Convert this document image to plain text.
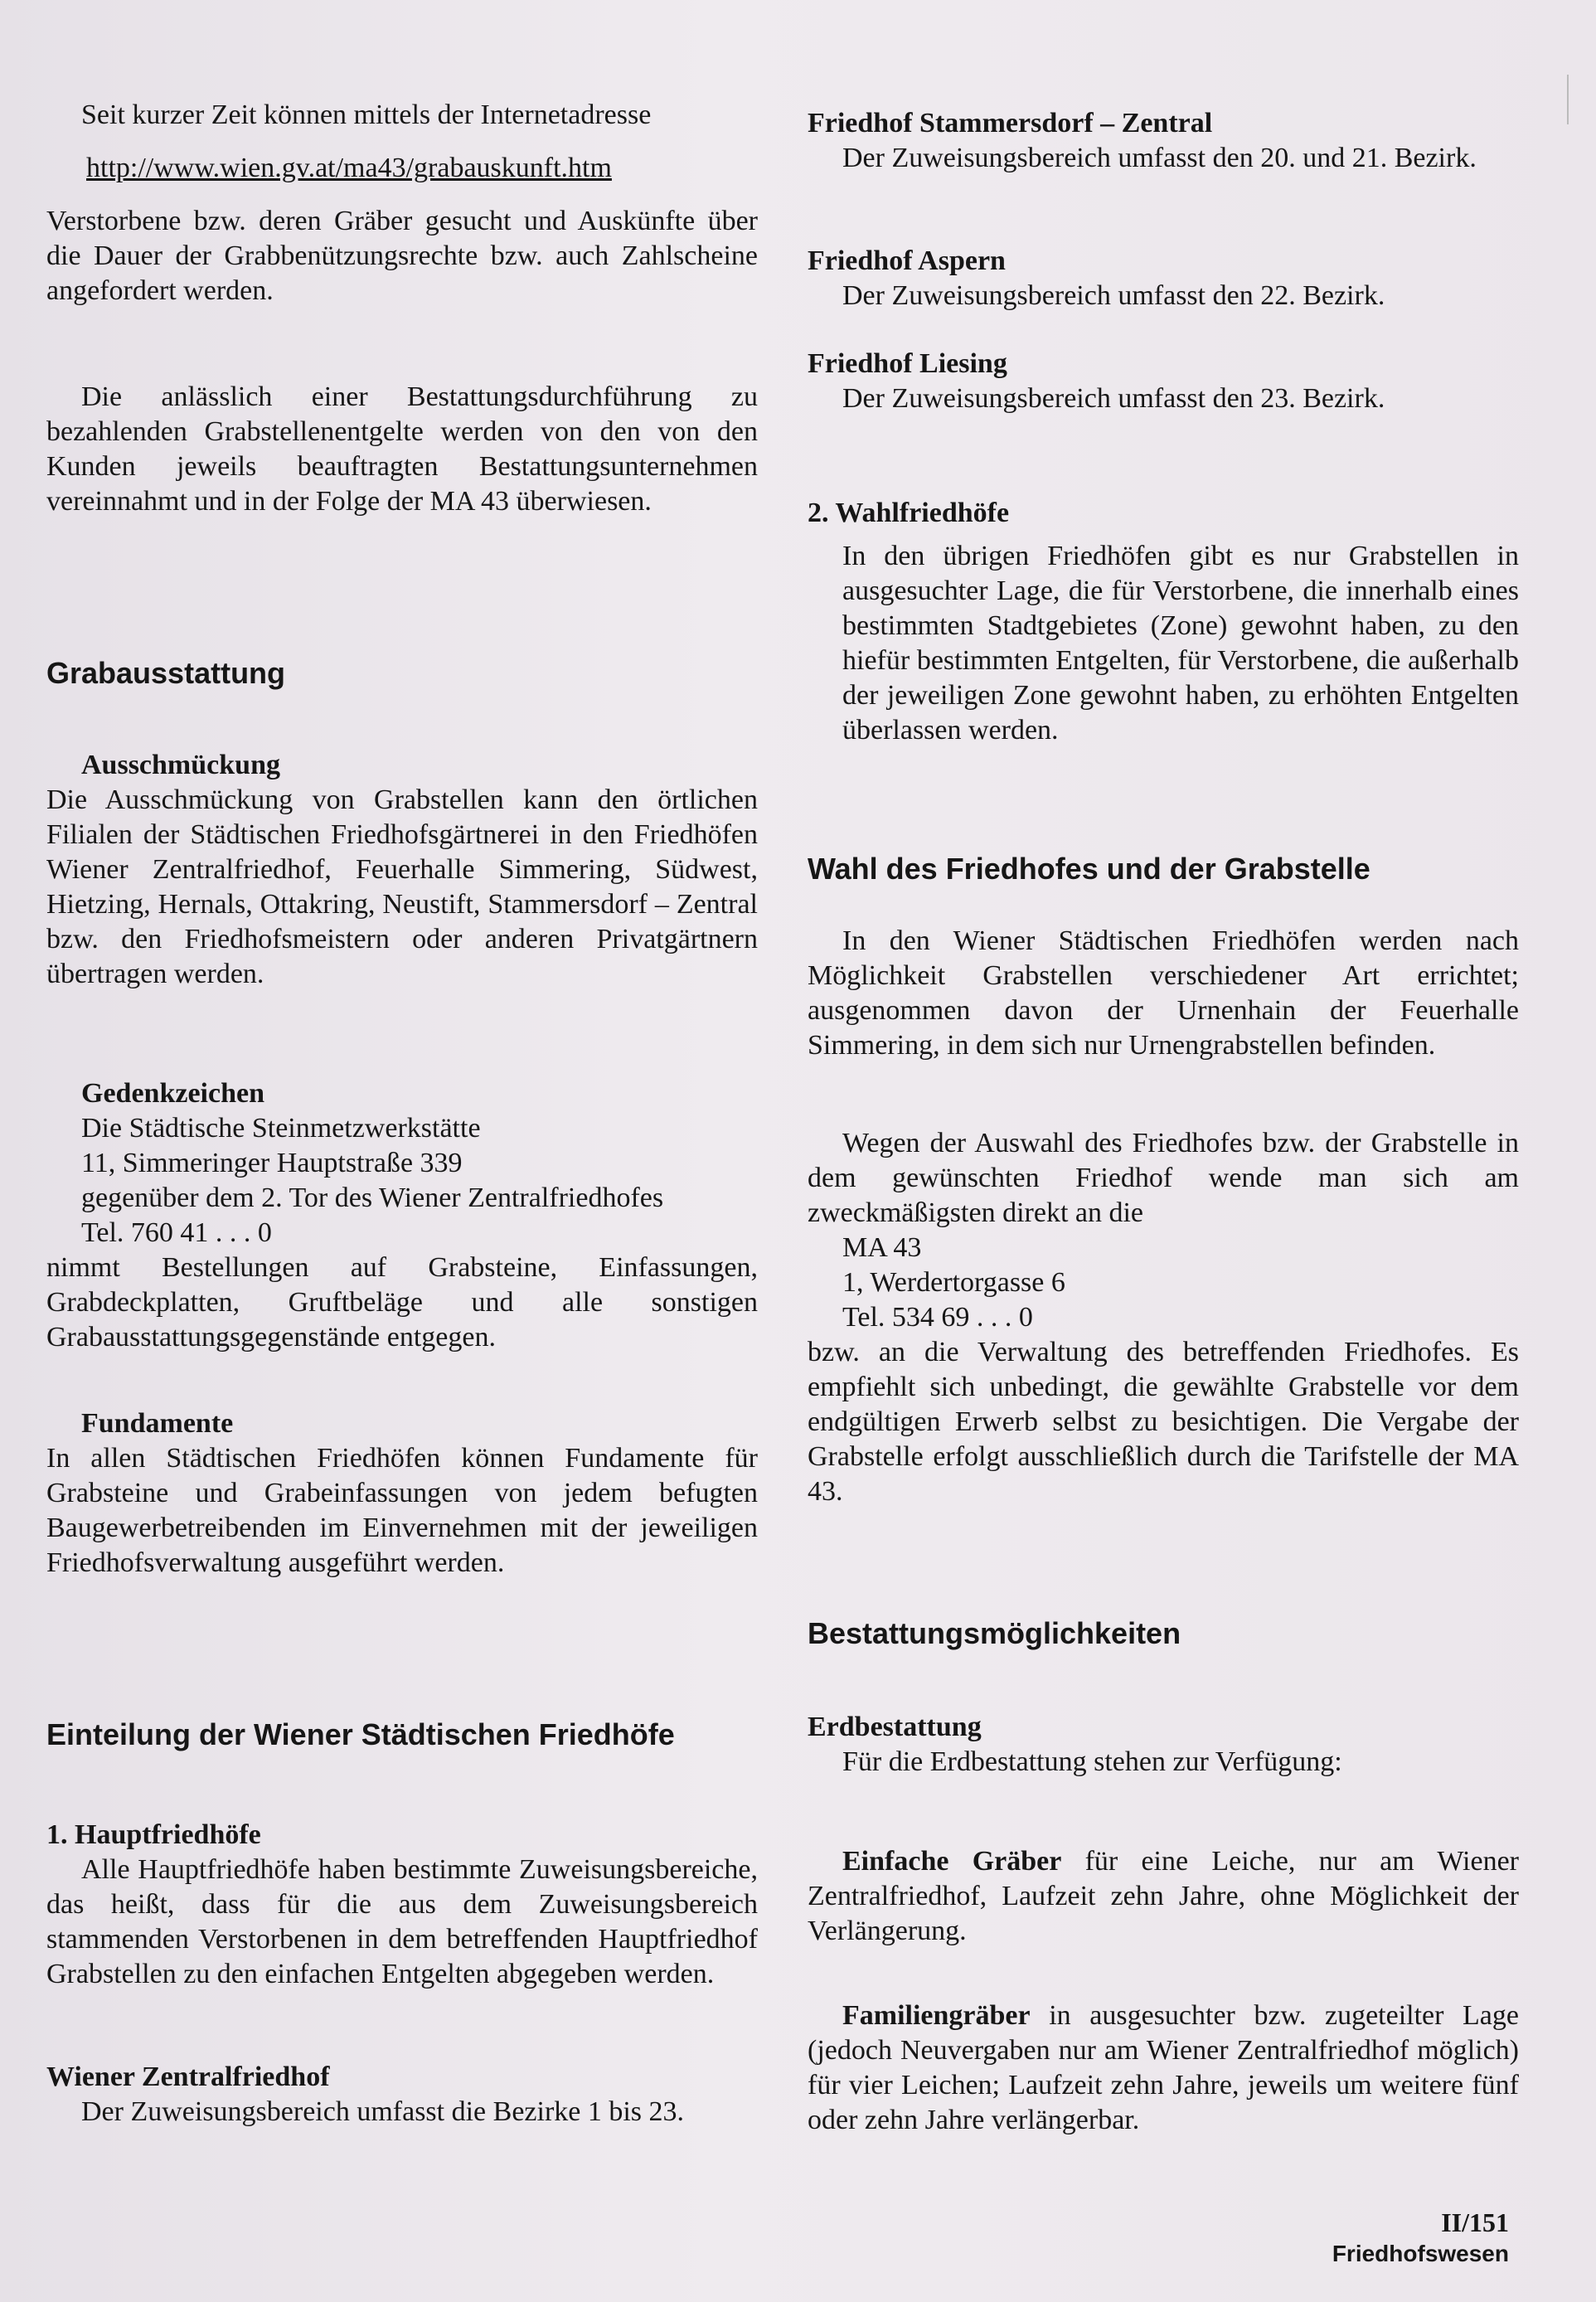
Seit kurzer Zeit können mittels der Internetadresse

http://www.wien.gv.at/ma43/grabauskunft.htm

Verstorbene bzw. deren Gräber gesucht und Auskünfte über die Dauer der Grabbenützungsrechte bzw. auch Zahlscheine angefordert werden.

Die anlässlich einer Bestattungsdurchführung zu bezahlenden Grabstellenentgelte werden von den von den Kunden jeweils beauftragten Bestattungsunternehmen vereinnahmt und in der Folge der MA 43 überwiesen.

Grabausstattung
Ausschmückung

Die Ausschmückung von Grabstellen kann den örtlichen Filialen der Städtischen Friedhofsgärtnerei in den Friedhöfen Wiener Zentralfriedhof, Feuerhalle Simmering, Südwest, Hietzing, Hernals, Ottakring, Neustift, Stammersdorf – Zentral bzw. den Friedhofsmeistern oder anderen Privatgärtnern übertragen werden.

Gedenkzeichen

Die Städtische Steinmetzwerkstätte

11, Simmeringer Hauptstraße 339

gegenüber dem 2. Tor des Wiener Zentralfriedhofes

Tel. 760 41 . . . 0

nimmt Bestellungen auf Grabsteine, Einfassungen, Grabdeckplatten, Gruftbeläge und alle sonstigen Grabausstattungsgegenstände entgegen.

Fundamente

In allen Städtischen Friedhöfen können Fundamente für Grabsteine und Grabeinfassungen von jedem befugten Baugewerbetreibenden im Einvernehmen mit der jeweiligen Friedhofsverwaltung ausgeführt werden.

Einteilung der Wiener Städtischen Friedhöfe
1. Hauptfriedhöfe

Alle Hauptfriedhöfe haben bestimmte Zuweisungsbereiche, das heißt, dass für die aus dem Zuweisungsbereich stammenden Verstorbenen in dem betreffenden Hauptfriedhof Grabstellen zu den einfachen Entgelten abgegeben werden.

Wiener Zentralfriedhof

Der Zuweisungsbereich umfasst die Bezirke 1 bis 23.

Friedhof Stammersdorf – Zentral

Der Zuweisungsbereich umfasst den 20. und 21. Bezirk.

Friedhof Aspern

Der Zuweisungsbereich umfasst den 22. Bezirk.

Friedhof Liesing

Der Zuweisungsbereich umfasst den 23. Bezirk.

2. Wahlfriedhöfe

In den übrigen Friedhöfen gibt es nur Grabstellen in ausgesuchter Lage, die für Verstorbene, die innerhalb eines bestimmten Stadtgebietes (Zone) gewohnt haben, zu den hiefür bestimmten Entgelten, für Verstorbene, die außerhalb der jeweiligen Zone gewohnt haben, zu erhöhten Entgelten überlassen werden.

Wahl des Friedhofes und der Grabstelle

In den Wiener Städtischen Friedhöfen werden nach Möglichkeit Grabstellen verschiedener Art errichtet; ausgenommen davon der Urnenhain der Feuerhalle Simmering, in dem sich nur Urnengrabstellen befinden.

Wegen der Auswahl des Friedhofes bzw. der Grabstelle in dem gewünschten Friedhof wende man sich am zweckmäßigsten direkt an die

MA 43

1, Werdertorgasse 6

Tel. 534 69 . . . 0

bzw. an die Verwaltung des betreffenden Friedhofes. Es empfiehlt sich unbedingt, die gewählte Grabstelle vor dem endgültigen Erwerb selbst zu besichtigen. Die Vergabe der Grabstelle erfolgt ausschließlich durch die Tarifstelle der MA 43.

Bestattungsmöglichkeiten
Erdbestattung

Für die Erdbestattung stehen zur Verfügung:

Einfache Gräber für eine Leiche, nur am Wiener Zentralfriedhof, Laufzeit zehn Jahre, ohne Möglichkeit der Verlängerung.

Familiengräber in ausgesuchter bzw. zugeteilter Lage (jedoch Neuvergaben nur am Wiener Zentralfriedhof möglich) für vier Leichen; Laufzeit zehn Jahre, jeweils um weitere fünf oder zehn Jahre verlängerbar.

II/151
Friedhofswesen
